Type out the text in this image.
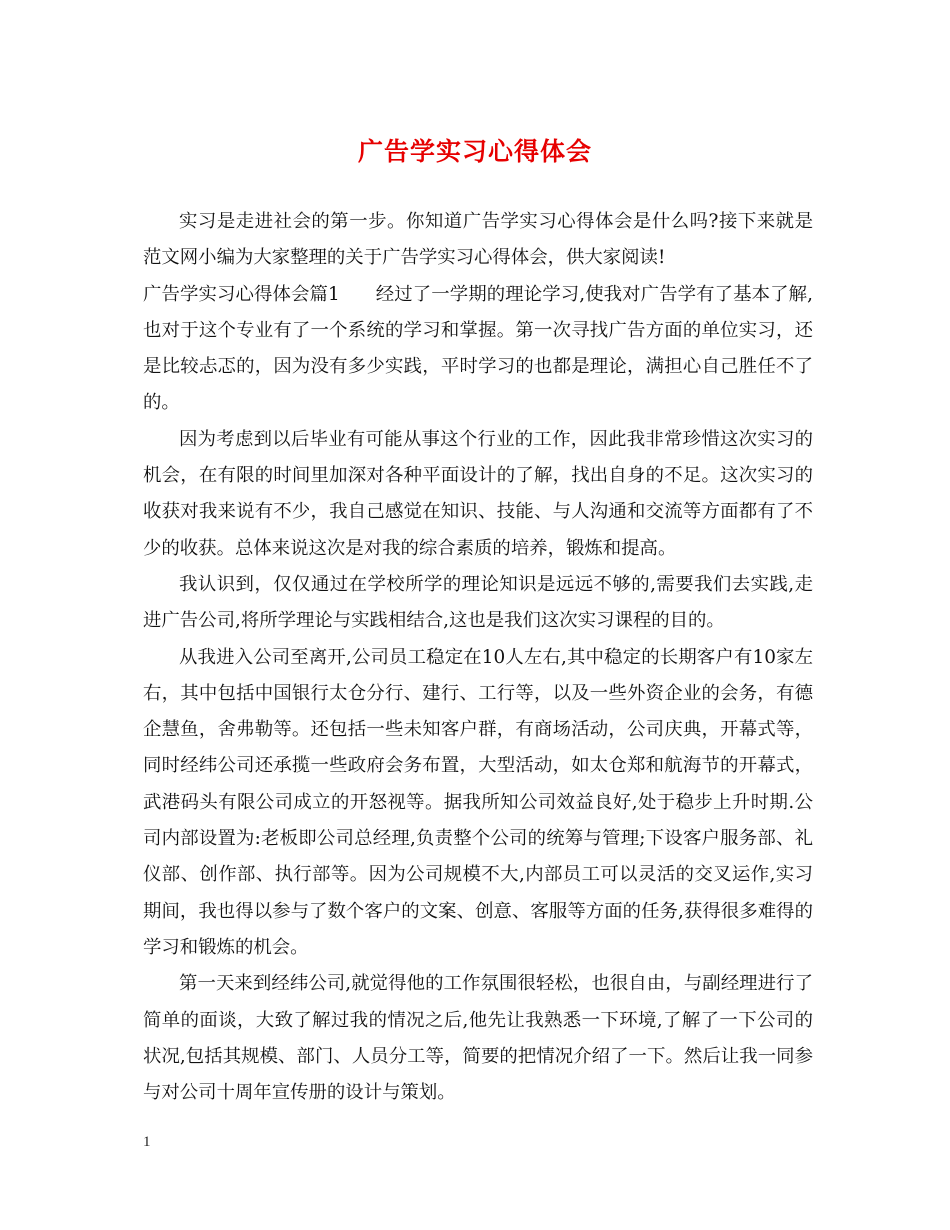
广告学实习心得体会

实习是走进社会的第一步。你知道广告学实习心得体会是什么吗?接下来就是范文网小编为大家整理的关于广告学实习心得体会，供大家阅读!

广告学实习心得体会篇1 经过了一学期的理论学习,使我对广告学有了基本了解,也对于这个专业有了一个系统的学习和掌握。第一次寻找广告方面的单位实习，还是比较忐忑的，因为没有多少实践，平时学习的也都是理论，满担心自己胜任不了的。

因为考虑到以后毕业有可能从事这个行业的工作，因此我非常珍惜这次实习的机会，在有限的时间里加深对各种平面设计的了解，找出自身的不足。这次实习的收获对我来说有不少，我自己感觉在知识、技能、与人沟通和交流等方面都有了不少的收获。总体来说这次是对我的综合素质的培养，锻炼和提高。

我认识到，仅仅通过在学校所学的理论知识是远远不够的,需要我们去实践,走进广告公司,将所学理论与实践相结合,这也是我们这次实习课程的目的。

从我进入公司至离开,公司员工稳定在10人左右,其中稳定的长期客户有10家左右，其中包括中国银行太仓分行、建行、工行等，以及一些外资企业的会务，有德企慧鱼，舍弗勒等。还包括一些未知客户群，有商场活动，公司庆典，开幕式等，同时经纬公司还承揽一些政府会务布置，大型活动，如太仓郑和航海节的开幕式，武港码头有限公司成立的开怒视等。据我所知公司效益良好,处于稳步上升时期.公司内部设置为:老板即公司总经理,负责整个公司的统筹与管理;下设客户服务部、礼仪部、创作部、执行部等。因为公司规模不大,内部员工可以灵活的交叉运作,实习期间，我也得以参与了数个客户的文案、创意、客服等方面的任务,获得很多难得的学习和锻炼的机会。

第一天来到经纬公司,就觉得他的工作氛围很轻松，也很自由，与副经理进行了简单的面谈，大致了解过我的情况之后,他先让我熟悉一下环境,了解了一下公司的状况,包括其规模、部门、人员分工等，简要的把情况介绍了一下。然后让我一同参与对公司十周年宣传册的设计与策划。

1
